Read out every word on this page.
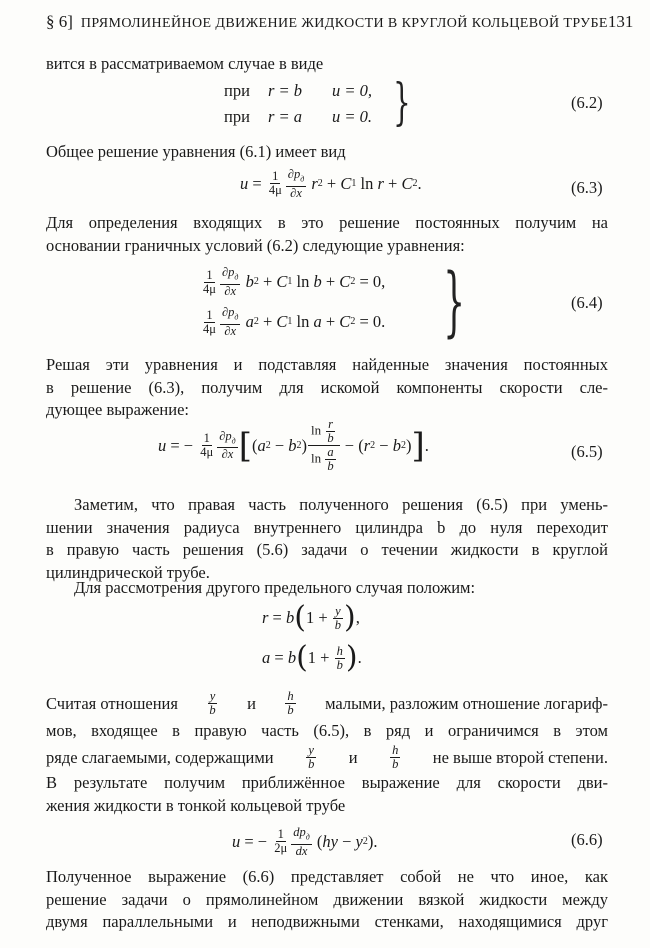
§ 6] ПРЯМОЛИНЕЙНОЕ ДВИЖЕНИЕ ЖИДКОСТИ В КРУГЛОЙ КОЛЬЦЕВОЙ ТРУБЕ 131
вится в рассматриваемом случае в виде
при	r = b	u = 0,
при	r = a	u = 0. }	(6.2)
Общее решение уравнения (6.1) имеет вид
$u = \frac{1}{4\mu} \frac{\partial p_д}{\partial x}$
r 2 + C 1 ln r + C 2 .	(6.3)
Для определения входящих в это решение постоянных получим на
основании граничных условий (6.2) следующие уравнения:
$\frac{1}{4\mu} \frac{\partial p_д}{\partial x}$
b 2 + C 1 ln b + C 2 = 0,
$\frac{1}{4\mu} \frac{\partial p_д}{\partial x}$
a 2 + C 1 ln a + C 2 = 0. }	(6.4)
Решая эти уравнения и подставляя найденные значения постоянных
в решение (6.3), получим для искомой компоненты скорости сле-
дующее выражение:
u = − $\frac{1}{4\mu} \frac{\partial p_д}{\partial x}$ [ ( a 2 − b 2 ) $\frac{\ln \frac{r}{b}}{\ln \frac{a}{b}}$ − ( r 2 − b 2 ) ] .	(6.5)
Заметим, что правая часть полученного решения (6.5) при умень-
шении значения радиуса внутреннего цилиндра b до нуля переходит
в правую часть решения (5.6) задачи о течении жидкости в круглой
цилиндрической трубе.
Для рассмотрения другого предельного случая положим:
r = b ( $1 + \frac{y}{b}$ ) ,
a = b ( $1 + \frac{h}{b}$ ) .
Считая отношения $\frac{y}{b}$ и $\frac{h}{b}$ малыми, разложим отношение логариф-
мов, входящее в правую часть (6.5), в ряд и ограничимся в этом
ряде слагаемыми, содержащими	$\frac{y}{b}$ и	$\frac{h}{b}$ не выше второй степени.
В результате получим приближённое выражение для скорости дви-
жения жидкости в тонкой кольцевой трубе
u = − $\frac{1}{2\mu} \frac{dp_д}{dx}$ ( hy − y 2 ).	(6.6)
Полученное выражение (6.6) представляет собой не что иное, как
решение задачи о прямолинейном движении вязкой жидкости между
двумя параллельными и неподвижными стенками, находящимися друг
